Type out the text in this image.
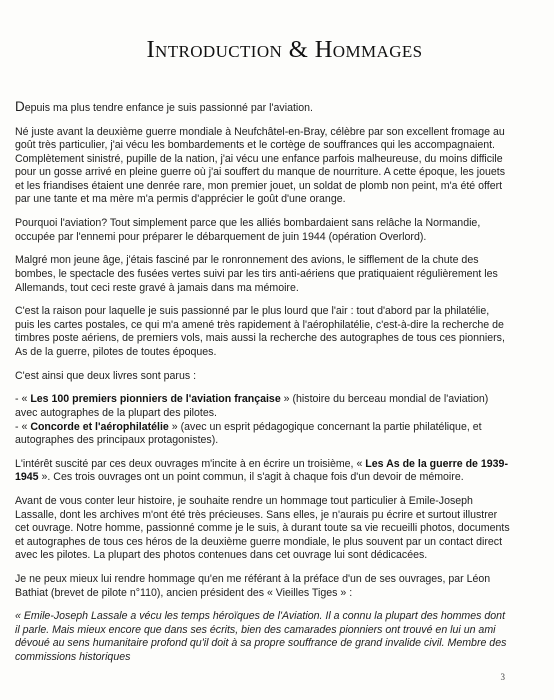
Introduction & Hommages

Depuis ma plus tendre enfance je suis passionné par l'aviation.

Né juste avant la deuxième guerre mondiale à Neufchâtel-en-Bray, célèbre par son excellent fromage au goût très particulier, j'ai vécu les bombardements et le cortège de souffrances qui les accompagnaient. Complètement sinistré, pupille de la nation, j'ai vécu une enfance parfois malheureuse, du moins difficile pour un gosse arrivé en pleine guerre où j'ai souffert du manque de nourriture. A cette époque, les jouets et les friandises étaient une denrée rare, mon premier jouet, un soldat de plomb non peint, m'a été offert par une tante et ma mère m'a permis d'apprécier le goût d'une orange.

Pourquoi l'aviation? Tout simplement parce que les alliés bombardaient sans relâche la Normandie, occupée par l'ennemi pour préparer le débarquement de juin 1944 (opération Overlord).

Malgré mon jeune âge, j'étais fasciné par le ronronnement des avions, le sifflement de la chute des bombes, le spectacle des fusées vertes suivi par les tirs anti-aériens que pratiquaient régulièrement les Allemands, tout ceci reste gravé à jamais dans ma mémoire.

C'est la raison pour laquelle je suis passionné par le plus lourd que l'air : tout d'abord par la philatélie, puis les cartes postales, ce qui m'a amené très rapidement à l'aérophilatélie, c'est-à-dire la recherche de timbres poste aériens, de premiers vols, mais aussi la recherche des autographes de tous ces pionniers, As de la guerre, pilotes de toutes époques.

C'est ainsi que deux livres sont parus :

- « Les 100 premiers pionniers de l'aviation française » (histoire du berceau mondial de l'aviation) avec autographes de la plupart des pilotes.
- « Concorde et l'aérophilatélie » (avec un esprit pédagogique concernant la partie philatélique, et autographes des principaux protagonistes).

L'intérêt suscité par ces deux ouvrages m'incite à en écrire un troisième, « Les As de la guerre de 1939-1945 ». Ces trois ouvrages ont un point commun, il s'agit à chaque fois d'un devoir de mémoire.

Avant de vous conter leur histoire, je souhaite rendre un hommage tout particulier à Emile-Joseph Lassalle, dont les archives m'ont été très précieuses. Sans elles, je n'aurais pu écrire et surtout illustrer cet ouvrage. Notre homme, passionné comme je le suis, à durant toute sa vie recueilli photos, documents et autographes de tous ces héros de la deuxième guerre mondiale, le plus souvent par un contact direct avec les pilotes. La plupart des photos contenues dans cet ouvrage lui sont dédicacées.

Je ne peux mieux lui rendre hommage qu'en me référant à la préface d'un de ses ouvrages, par Léon Bathiat (brevet de pilote n°110), ancien président des « Vieilles Tiges » :

« Emile-Joseph Lassale a vécu les temps héroïques de l'Aviation. Il a connu la plupart des hommes dont il parle. Mais mieux encore que dans ses écrits, bien des camarades pionniers ont trouvé en lui un ami dévoué au sens humanitaire profond qu'il doit à sa propre souffrance de grand invalide civil. Membre des commissions historiques

3
